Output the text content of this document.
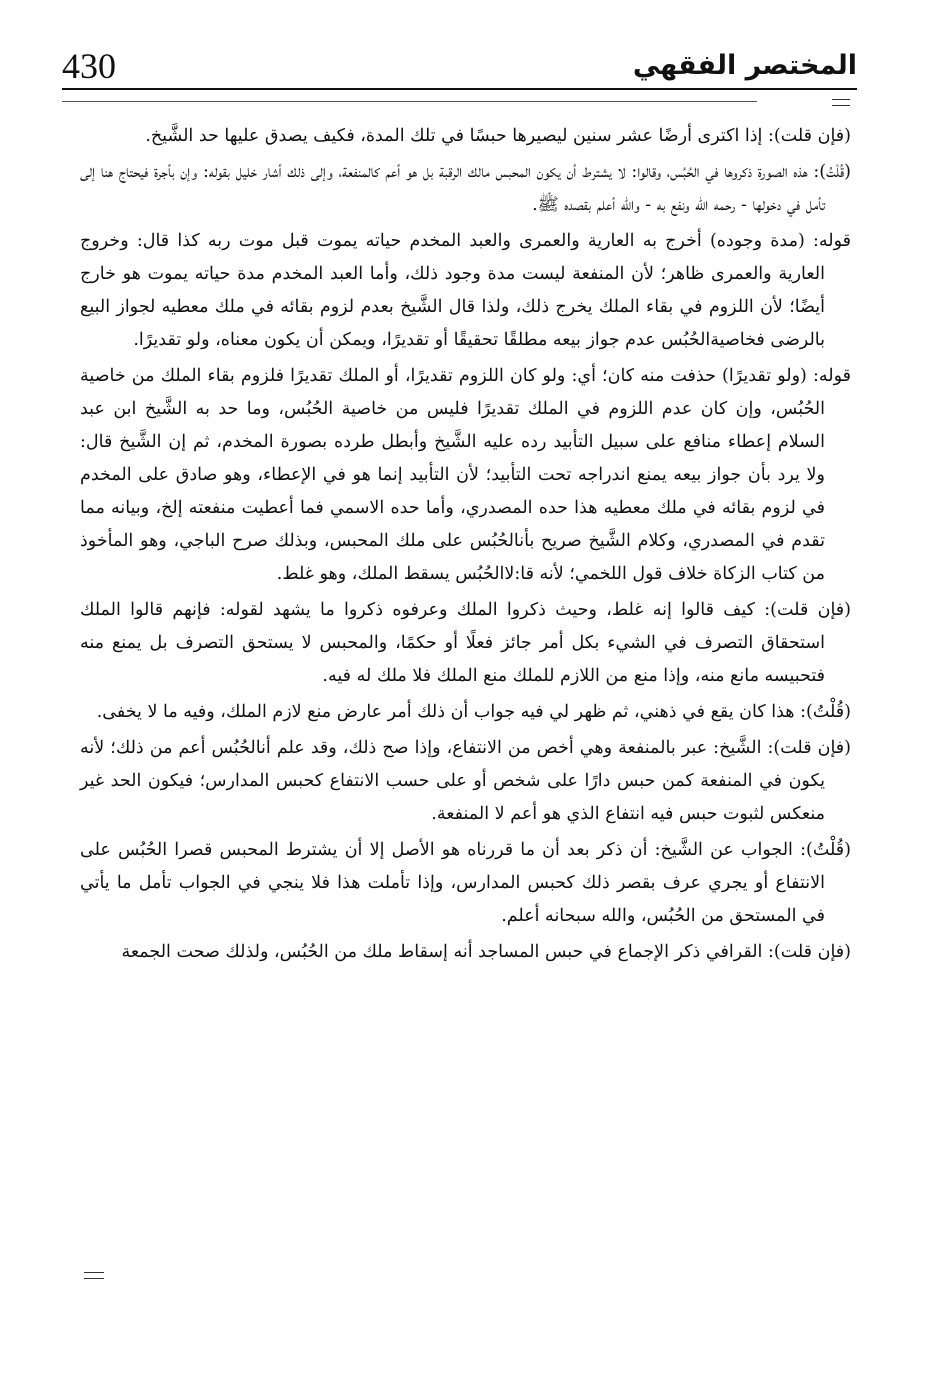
430	المختصر الفقهي

(فإن قلت): إذا اكترى أرضًا عشر سنين ليصيرها حبسًا في تلك المدة، فكيف يصدق عليها حد الشَّيخ.

(قُلْتُ): هذه الصورة ذكروها في الحُبُس، وقالوا: لا يشترط أن يكون المحبس مالك الرقبة بل هو أعم كالمنفعة، وإلى ذلك أشار خليل بقوله: وإن بأجرة فيحتاج هنا إلى تأمل في دخولها - رحمه الله ونفع به - والله أعلم بقصده ﷺ.

قوله: (مدة وجوده) أخرج به العارية والعمرى والعبد المخدم حياته يموت قبل موت ربه كذا قال: وخروج العارية والعمرى ظاهر؛ لأن المنفعة ليست مدة وجود ذلك، وأما العبد المخدم مدة حياته يموت هو خارج أيضًا؛ لأن اللزوم في بقاء الملك يخرج ذلك، ولذا قال الشَّيخ بعدم لزوم بقائه في ملك معطيه لجواز البيع بالرضى فخاصيةالحُبُس عدم جواز بيعه مطلقًا تحقيقًا أو تقديرًا، ويمكن أن يكون معناه، ولو تقديرًا.

قوله: (ولو تقديرًا) حذفت منه كان؛ أي: ولو كان اللزوم تقديرًا، أو الملك تقديرًا فلزوم بقاء الملك من خاصية الحُبُس، وإن كان عدم اللزوم في الملك تقديرًا فليس من خاصية الحُبُس، وما حد به الشَّيخ ابن عبد السلام إعطاء منافع على سبيل التأبيد رده عليه الشَّيخ وأبطل طرده بصورة المخدم، ثم إن الشَّيخ قال: ولا يرد بأن جواز بيعه يمنع اندراجه تحت التأبيد؛ لأن التأبيد إنما هو في الإعطاء، وهو صادق على المخدم في لزوم بقائه في ملك معطيه هذا حده المصدري، وأما حده الاسمي فما أعطيت منفعته إلخ، وبيانه مما تقدم في المصدري، وكلام الشَّيخ صريح بأنالحُبُس على ملك المحبس، وبذلك صرح الباجي، وهو المأخوذ من كتاب الزكاة خلاف قول اللخمي؛ لأنه قا:لاالحُبُس يسقط الملك، وهو غلط.

(فإن قلت): كيف قالوا إنه غلط، وحيث ذكروا الملك وعرفوه ذكروا ما يشهد لقوله: فإنهم قالوا الملك استحقاق التصرف في الشيء بكل أمر جائز فعلًا أو حكمًا، والمحبس لا يستحق التصرف بل يمنع منه فتحبيسه مانع منه، وإذا منع من اللازم للملك منع الملك فلا ملك له فيه.

(قُلْتُ): هذا كان يقع في ذهني، ثم ظهر لي فيه جواب أن ذلك أمر عارض منع لازم الملك، وفيه ما لا يخفى.

(فإن قلت): الشَّيخ: عبر بالمنفعة وهي أخص من الانتفاع، وإذا صح ذلك، وقد علم أنالحُبُس أعم من ذلك؛ لأنه يكون في المنفعة كمن حبس دارًا على شخص أو على حسب الانتفاع كحبس المدارس؛ فيكون الحد غير منعكس لثبوت حبس فيه انتفاع الذي هو أعم لا المنفعة.

(قُلْتُ): الجواب عن الشَّيخ: أن ذكر بعد أن ما قررناه هو الأصل إلا أن يشترط المحبس قصرا الحُبُس على الانتفاع أو يجري عرف بقصر ذلك كحبس المدارس، وإذا تأملت هذا فلا ينجي في الجواب تأمل ما يأتي في المستحق من الحُبُس، والله سبحانه أعلم.

(فإن قلت): القرافي ذكر الإجماع في حبس المساجد أنه إسقاط ملك من الحُبُس، ولذلك صحت الجمعة
